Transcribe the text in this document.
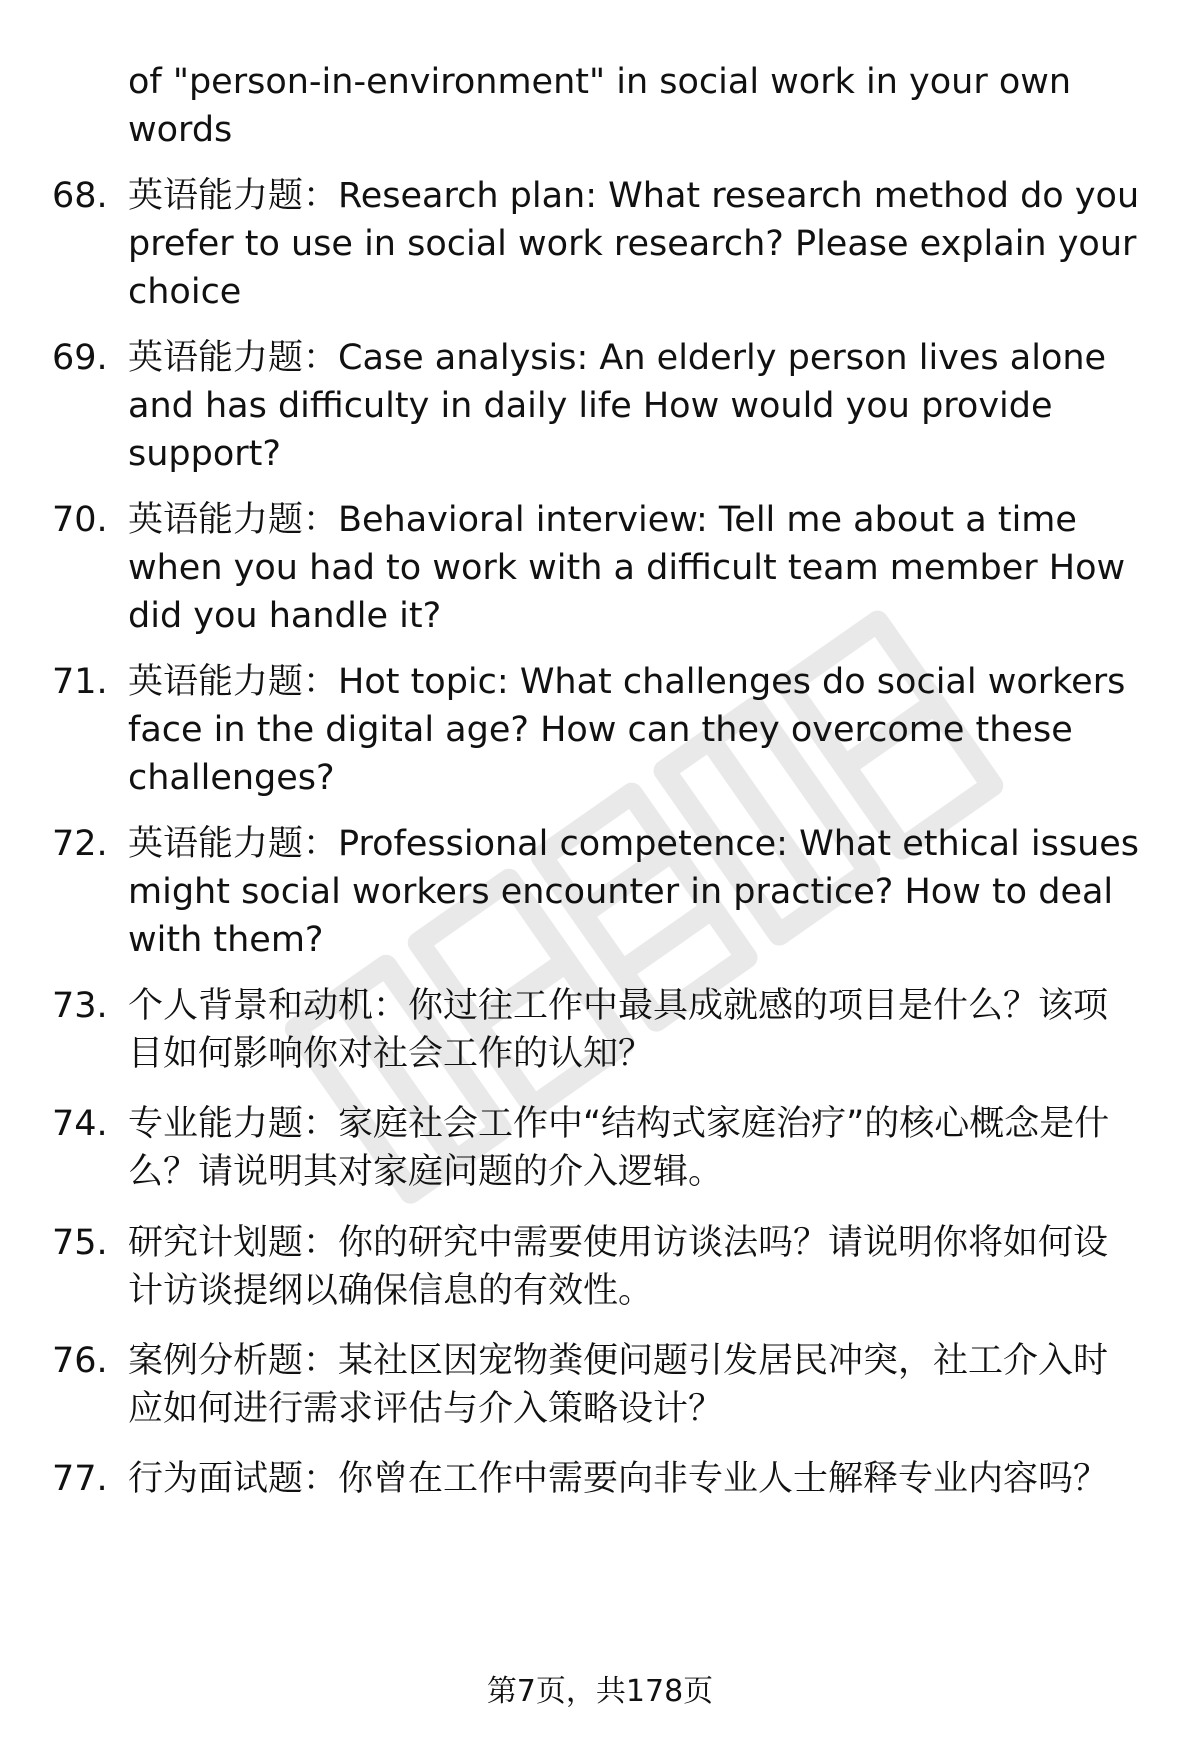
of "person-in-environment" in social work in your own words

68. 英语能力题：Research plan: What research method do you prefer to use in social work research? Please explain your choice
69. 英语能力题：Case analysis: An elderly person lives alone and has difficulty in daily life How would you provide support?
70. 英语能力题：Behavioral interview: Tell me about a time when you had to work with a difficult team member How did you handle it?
71. 英语能力题：Hot topic: What challenges do social workers face in the digital age? How can they overcome these challenges?
72. 英语能力题：Professional competence: What ethical issues might social workers encounter in practice? How to deal with them?
73. 个人背景和动机：你过往工作中最具成就感的项目是什么？该项目如何影响你对社会工作的认知？
74. 专业能力题：家庭社会工作中“结构式家庭治疗”的核心概念是什么？请说明其对家庭问题的介入逻辑。
75. 研究计划题：你的研究中需要使用访谈法吗？请说明你将如何设计访谈提纲以确保信息的有效性。
76. 案例分析题：某社区因宠物粪便问题引发居民冲突，社工介入时应如何进行需求评估与介入策略设计？
77. 行为面试题：你曾在工作中需要向非专业人士解释专业内容吗？
第7页，共178页
